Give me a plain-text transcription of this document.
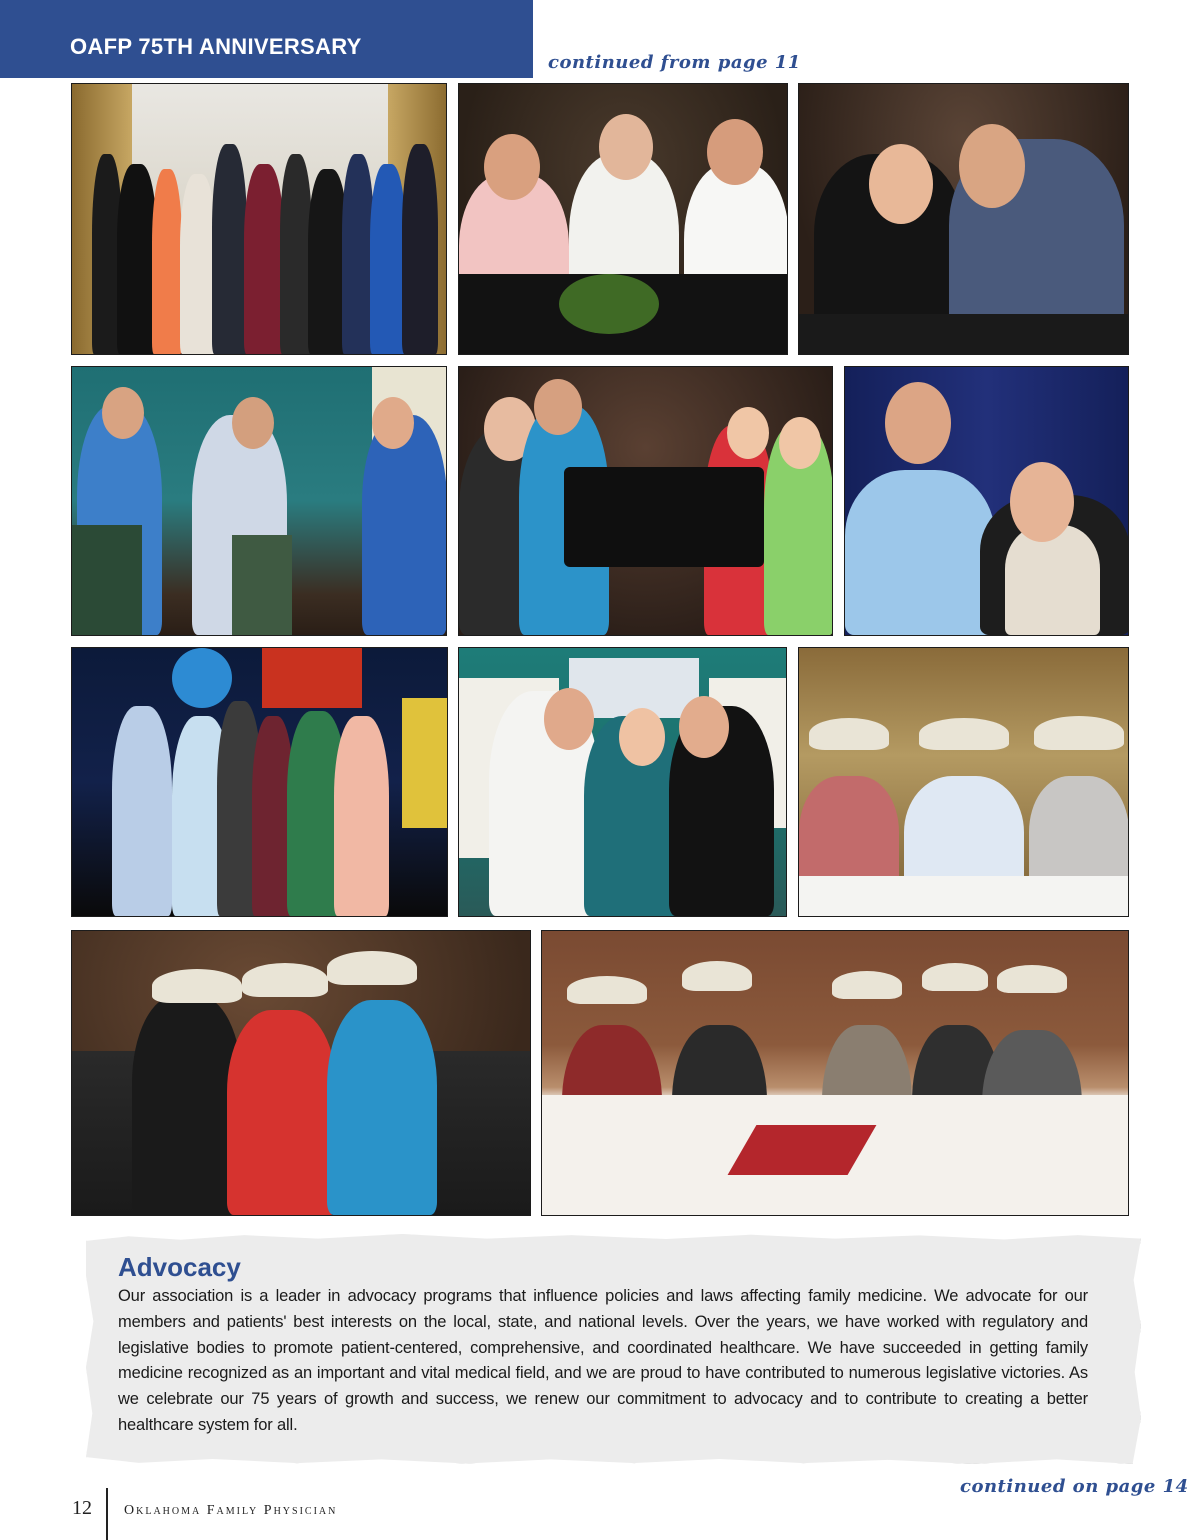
OAFP 75TH ANNIVERSARY
continued from page 11
Advocacy
Our association is a leader in advocacy programs that influence policies and laws affecting family medicine. We advocate for our members and patients' best interests on the local, state, and national levels. Over the years, we have worked with regulatory and legislative bodies to promote patient-centered, comprehensive, and coordinated healthcare. We have succeeded in getting family medicine recognized as an important and vital medical field, and we are proud to have contributed to numerous legislative victories. As we celebrate our 75 years of growth and success, we renew our commitment to advocacy and to contribute to creating a better healthcare system for all.
continued on page 14
12 Oklahoma Family Physician
